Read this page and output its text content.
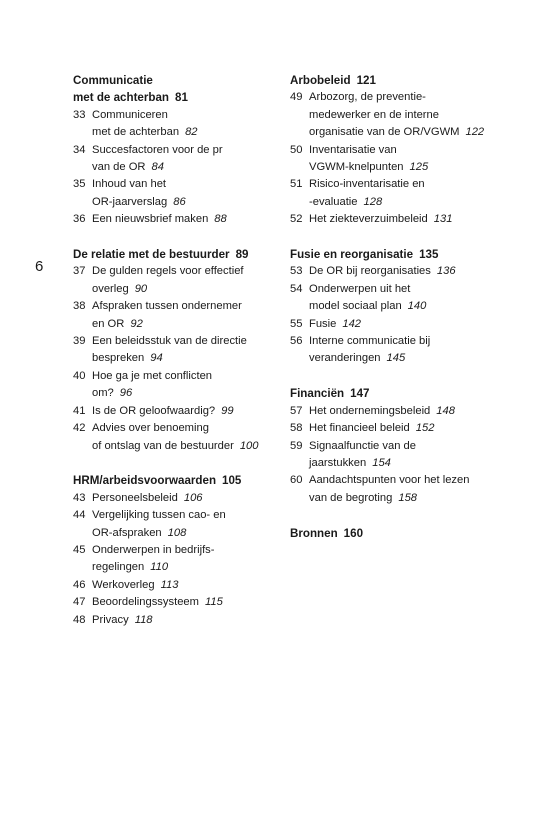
6
Communicatie
met de achterban 81
33 Communiceren
met de achterban 82
34 Succesfactoren voor de pr
van de OR 84
35 Inhoud van het
OR-jaarverslag 86
36 Een nieuwsbrief maken 88
De relatie met de bestuurder 89
37 De gulden regels voor effectief
overleg 90
38 Afspraken tussen ondernemer
en OR 92
39 Een beleidsstuk van de directie
bespreken 94
40 Hoe ga je met conflicten
om? 96
41 Is de OR geloofwaardig? 99
42 Advies over benoeming
of ontslag van de bestuurder 100
HRM/arbeidsvoorwaarden 105
43 Personeelsbeleid 106
44 Vergelijking tussen cao- en
OR-afspraken 108
45 Onderwerpen in bedrijfs-
regelingen 110
46 Werkoverleg 113
47 Beoordelingssysteem 115
48 Privacy 118
Arbobeleid 121
49 Arbozorg, de preventie-
medewerker en de interne
organisatie van de OR/VGWM 122
50 Inventarisatie van
VGWM-knelpunten 125
51 Risico-inventarisatie en
-evaluatie 128
52 Het ziekteverzuimbeleid 131
Fusie en reorganisatie 135
53 De OR bij reorganisaties 136
54 Onderwerpen uit het
model sociaal plan 140
55 Fusie 142
56 Interne communicatie bij
veranderingen 145
Financiën 147
57 Het ondernemingsbeleid 148
58 Het financieel beleid 152
59 Signaalfunctie van de
jaarstukken 154
60 Aandachtspunten voor het lezen
van de begroting 158
Bronnen 160
